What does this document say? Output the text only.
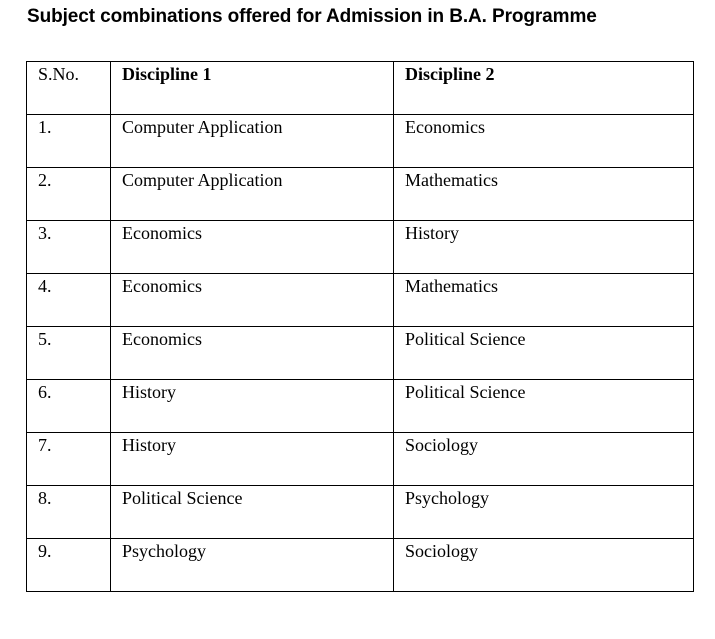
Subject combinations offered for Admission in B.A. Programme
S.No.	Discipline 1	Discipline 2
1.	Computer Application	Economics
2.	Computer Application	Mathematics
3.	Economics	History
4.	Economics	Mathematics
5.	Economics	Political Science
6.	History	Political Science
7.	History	Sociology
8.	Political Science	Psychology
9.	Psychology	Sociology
